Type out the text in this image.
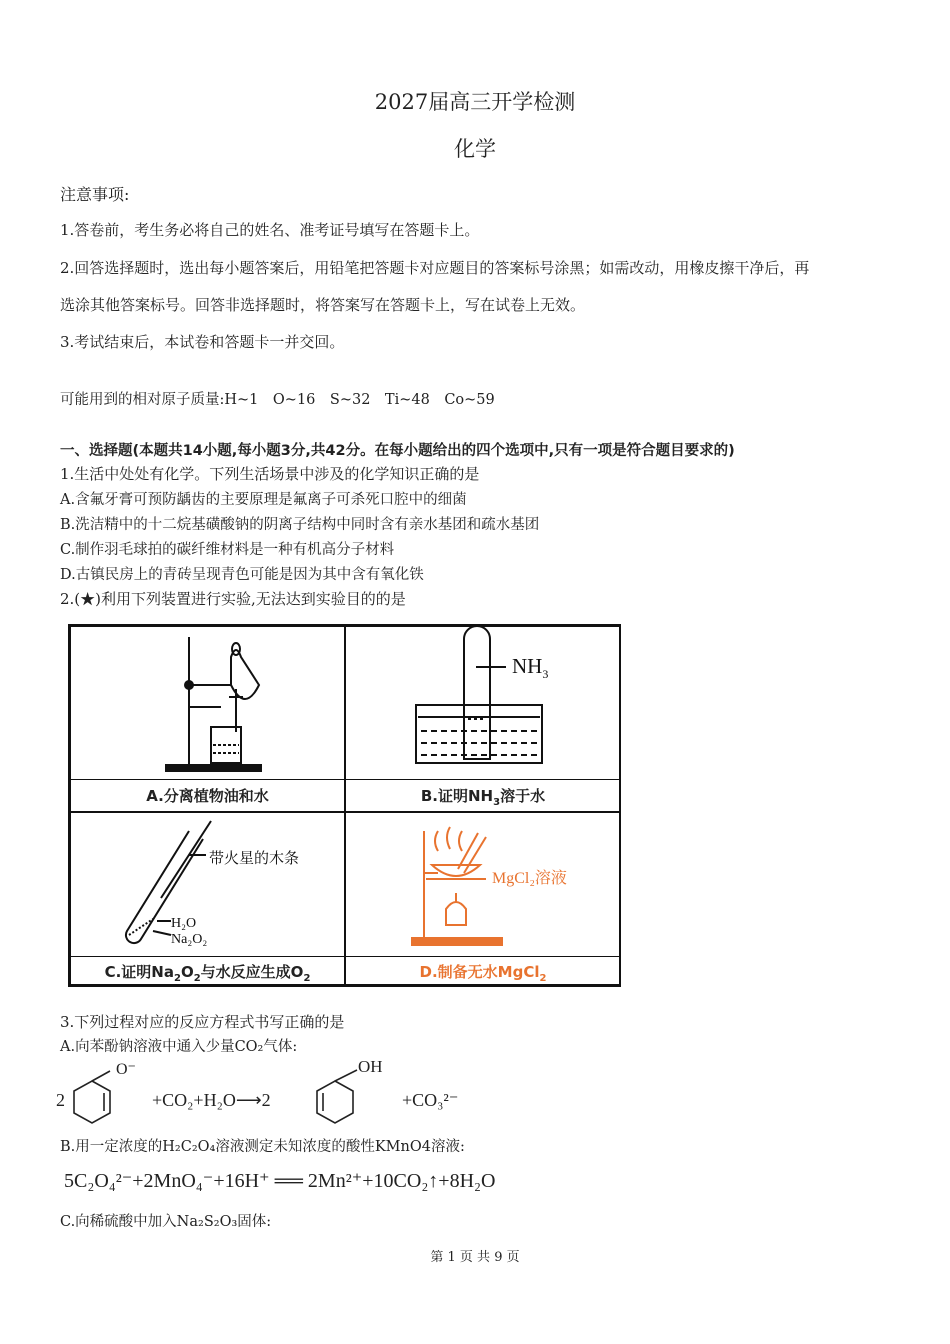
2027届高三开学检测
化学
注意事项:
1.答卷前，考生务必将自己的姓名、准考证号填写在答题卡上。
2.回答选择题时，选出每小题答案后，用铅笔把答题卡对应题目的答案标号涂黑；如需改动，用橡皮擦干净后，再
选涂其他答案标号。回答非选择题时，将答案写在答题卡上，写在试卷上无效。
3.考试结束后，本试卷和答题卡一并交回。
可能用到的相对原子质量:H~1　O~16　S~32　Ti~48　Co~59
一、选择题(本题共14小题,每小题3分,共42分。在每小题给出的四个选项中,只有一项是符合题目要求的)
1.生活中处处有化学。下列生活场景中涉及的化学知识正确的是
A.含氟牙膏可预防龋齿的主要原理是氟离子可杀死口腔中的细菌
B.洗洁精中的十二烷基磺酸钠的阴离子结构中同时含有亲水基团和疏水基团
C.制作羽毛球拍的碳纤维材料是一种有机高分子材料
D.古镇民房上的青砖呈现青色可能是因为其中含有氧化铁
2.(★)利用下列装置进行实验,无法达到实验目的的是
A.分离植物油和水
$NH_3$
B.证明$NH_3$溶于水
带火星的木条
H₂O
Na₂O₂
C.证明$Na_2O_2$与水反应生成$O_2$
MgCl₂溶液
D.制备无水MgCl$_2$
3.下列过程对应的反应方程式书写正确的是
A.向苯酚钠溶液中通入少量CO₂气体:
2
O⁻
+CO₂+H₂O⟶2
OH
+CO₃²⁻
B.用一定浓度的H₂C₂O₄溶液测定未知浓度的酸性KMnO4溶液:
5C₂O₄²⁻+2MnO₄⁻+16H⁺ ══ 2Mn²⁺+10CO₂↑+8H₂O
C.向稀硫酸中加入Na₂S₂O₃固体:
第 1 页 共 9 页
